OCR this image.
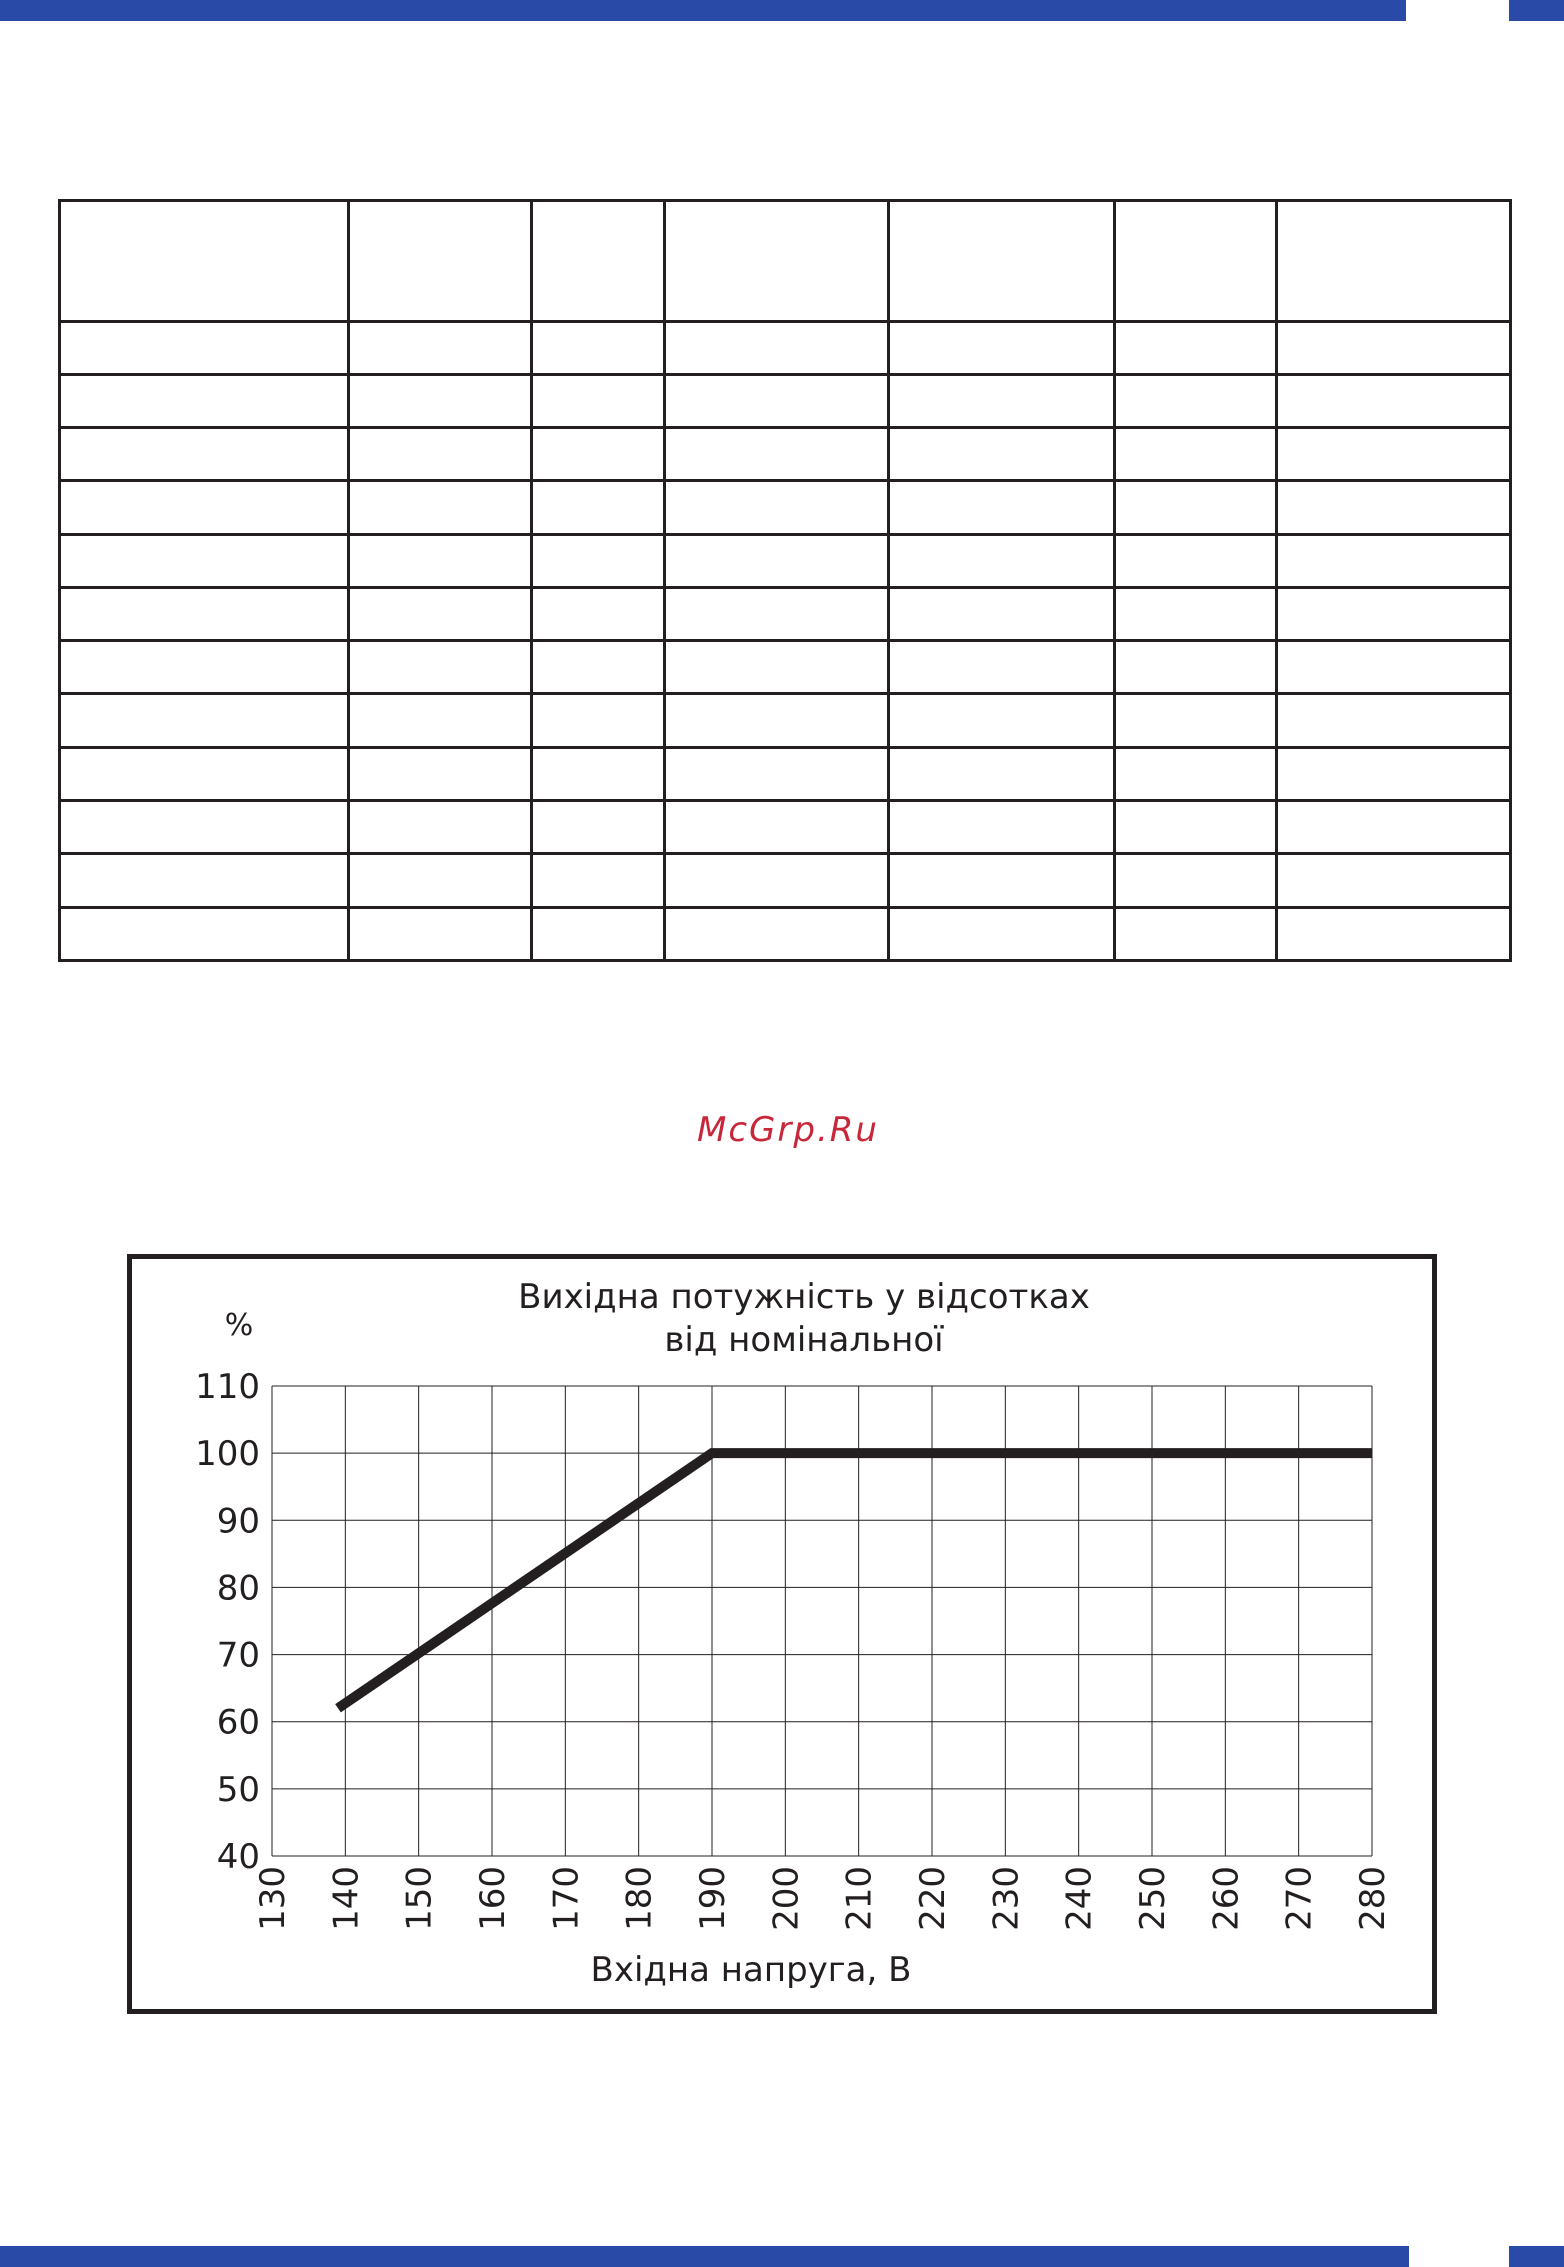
McGrp.Ru
40
50
60
70
80
90
100
110
130 140 150 160 170 180 190 200 210 220 230 240 250 260 270 280
Вихідна потужність у відсотках
від номінальної
%
Вхідна напруга, В
